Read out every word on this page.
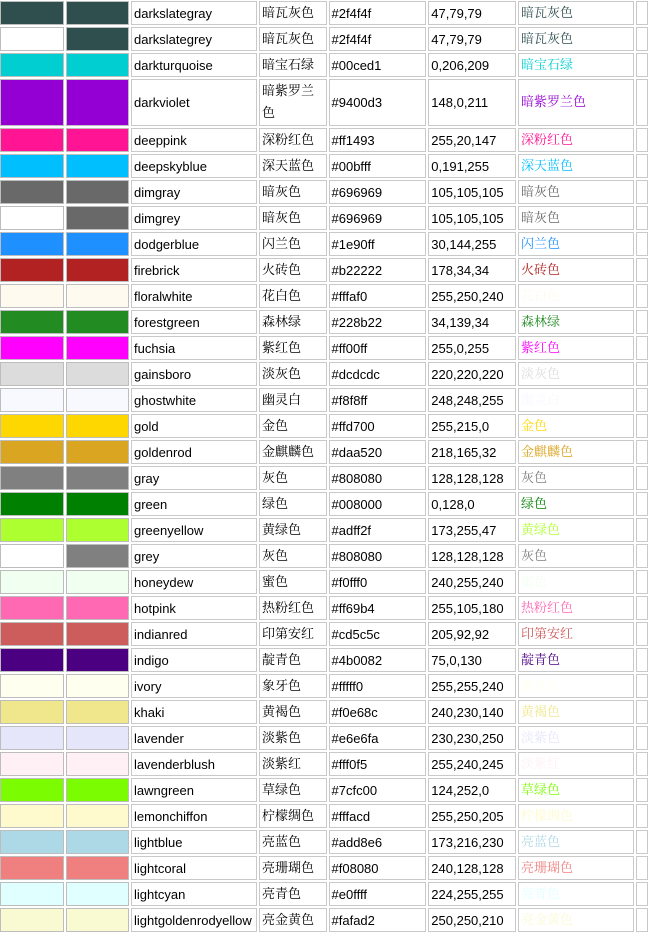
		darkslategray	暗瓦灰色	#2f4f4f	47,79,79	暗瓦灰色	
		darkslategrey	暗瓦灰色	#2f4f4f	47,79,79	暗瓦灰色	
		darkturquoise	暗宝石绿	#00ced1	0,206,209	暗宝石绿	
		darkviolet	暗紫罗兰色	#9400d3	148,0,211	暗紫罗兰色	
		deeppink	深粉红色	#ff1493	255,20,147	深粉红色	
		deepskyblue	深天蓝色	#00bfff	0,191,255	深天蓝色	
		dimgray	暗灰色	#696969	105,105,105	暗灰色	
		dimgrey	暗灰色	#696969	105,105,105	暗灰色	
		dodgerblue	闪兰色	#1e90ff	30,144,255	闪兰色	
		firebrick	火砖色	#b22222	178,34,34	火砖色	
		floralwhite	花白色	#fffaf0	255,250,240	花白色	
		forestgreen	森林绿	#228b22	34,139,34	森林绿	
		fuchsia	紫红色	#ff00ff	255,0,255	紫红色	
		gainsboro	淡灰色	#dcdcdc	220,220,220	淡灰色	
		ghostwhite	幽灵白	#f8f8ff	248,248,255	幽灵白	
		gold	金色	#ffd700	255,215,0	金色	
		goldenrod	金麒麟色	#daa520	218,165,32	金麒麟色	
		gray	灰色	#808080	128,128,128	灰色	
		green	绿色	#008000	0,128,0	绿色	
		greenyellow	黄绿色	#adff2f	173,255,47	黄绿色	
		grey	灰色	#808080	128,128,128	灰色	
		honeydew	蜜色	#f0fff0	240,255,240	蜜色	
		hotpink	热粉红色	#ff69b4	255,105,180	热粉红色	
		indianred	印第安红	#cd5c5c	205,92,92	印第安红	
		indigo	靛青色	#4b0082	75,0,130	靛青色	
		ivory	象牙色	#fffff0	255,255,240	象牙色	
		khaki	黄褐色	#f0e68c	240,230,140	黄褐色	
		lavender	淡紫色	#e6e6fa	230,230,250	淡紫色	
		lavenderblush	淡紫红	#fff0f5	255,240,245	淡紫红	
		lawngreen	草绿色	#7cfc00	124,252,0	草绿色	
		lemonchiffon	柠檬绸色	#fffacd	255,250,205	柠檬绸色	
		lightblue	亮蓝色	#add8e6	173,216,230	亮蓝色	
		lightcoral	亮珊瑚色	#f08080	240,128,128	亮珊瑚色	
		lightcyan	亮青色	#e0ffff	224,255,255	亮青色	
		lightgoldenrodyellow	亮金黄色	#fafad2	250,250,210	亮金黄色	
